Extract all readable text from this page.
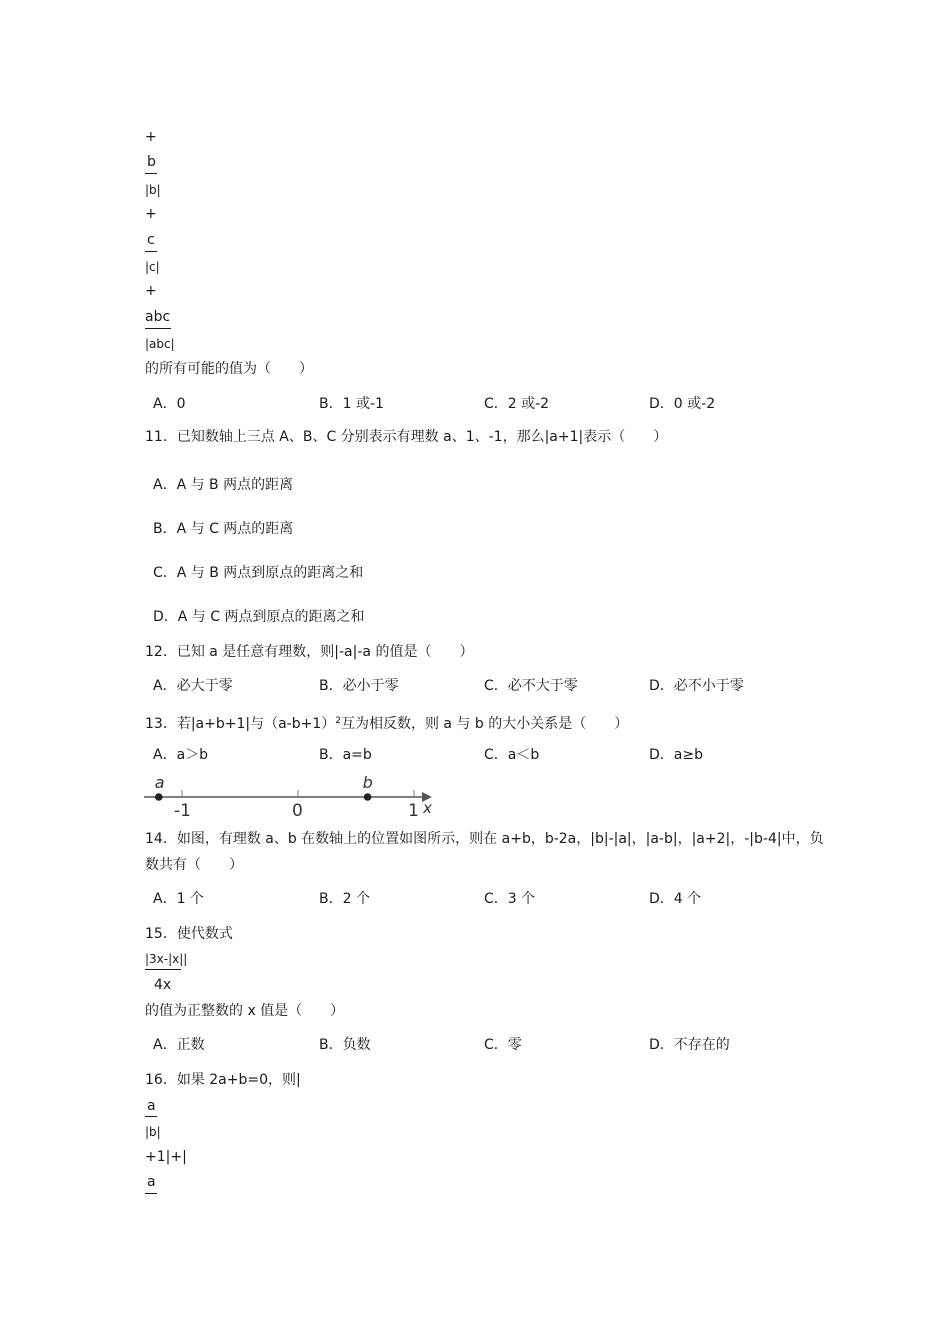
+
b
|b|
+
c
|c|
+
abc
|abc|
的所有可能的值为（　　）
A．0	B．1 或-1	C．2 或-2	D．0 或-2
11．已知数轴上三点 A、B、C 分别表示有理数 a、1、-1，那么|a+1|表示（　　）
A．A 与 B 两点的距离
B．A 与 C 两点的距离
C．A 与 B 两点到原点的距离之和
D．A 与 C 两点到原点的距离之和
12．已知 a 是任意有理数，则|-a|-a 的值是（　　）
A．必大于零	B．必小于零	C．必不大于零	D．必不小于零
13．若|a+b+1|与$(a-b+1)^2$互为相反数，则 a 与 b 的大小关系是（　　）
A．a＞b	B．a=b	C．a＜b	D．a≥b
-1	0	1 x
a	b
14．如图，有理数 a、b 在数轴上的位置如图所示，则在 a+b，b-2a，|b|-|a|，|a-b|，|a+2|，-|b-4|中，负
数共有（　　）
A．1 个	B．2 个	C．3 个	D．4 个
15．使代数式
|3x-|x||
4x
的值为正整数的 x 值是（　　）
A．正数	B．负数	C．零	D．不存在的
16．如果 2a+b=0，则|
a
|b|
+1|+|
a
